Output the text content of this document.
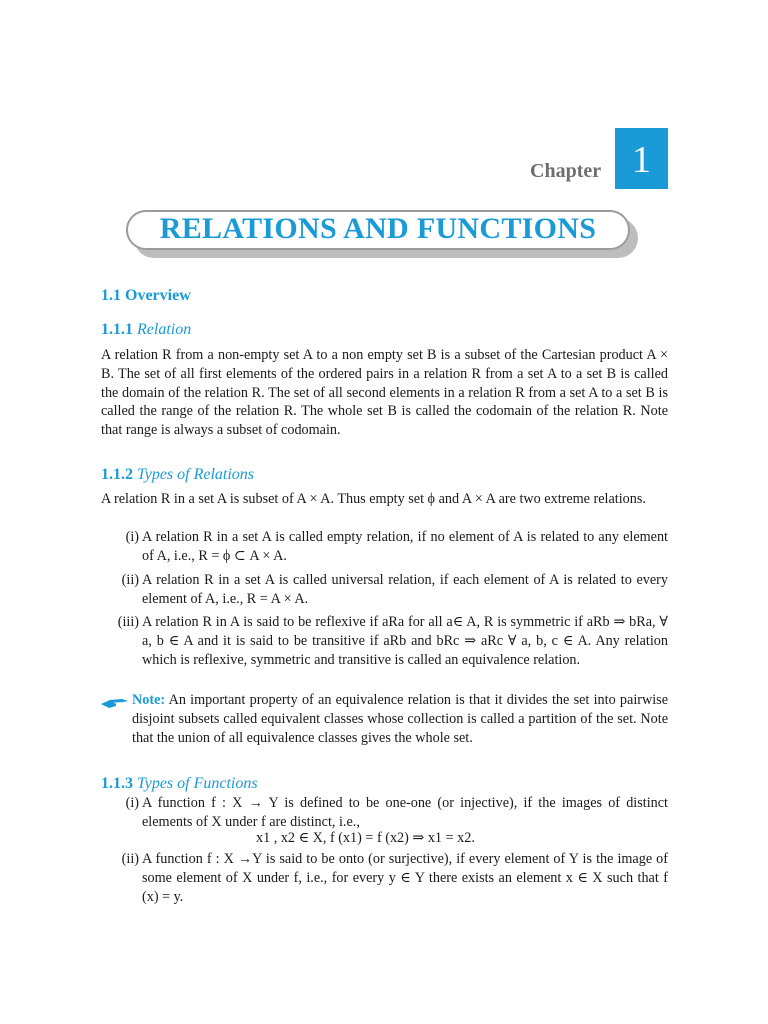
Chapter 1
RELATIONS AND FUNCTIONS
1.1 Overview
1.1.1 Relation
A relation R from a non-empty set A to a non empty set B is a subset of the Cartesian product A × B. The set of all first elements of the ordered pairs in a relation R from a set A to a set B is called the domain of the relation R. The set of all second elements in a relation R from a set A to a set B is called the range of the relation R. The whole set B is called the codomain of the relation R. Note that range is always a subset of codomain.
1.1.2 Types of Relations
A relation R in a set A is subset of A × A. Thus empty set ϕ and A × A are two extreme relations.
(i) A relation R in a set A is called empty relation, if no element of A is related to any element of A, i.e., R = ϕ ⊂ A × A.
(ii) A relation R in a set A is called universal relation, if each element of A is related to every element of A, i.e., R = A × A.
(iii) A relation R in A is said to be reflexive if aRa for all a∈ A, R is symmetric if aRb ⇒ bRa, ∀ a, b ∈ A and it is said to be transitive if aRb and bRc ⇒ aRc ∀ a, b, c ∈ A. Any relation which is reflexive, symmetric and transitive is called an equivalence relation.
Note: An important property of an equivalence relation is that it divides the set into pairwise disjoint subsets called equivalent classes whose collection is called a partition of the set. Note that the union of all equivalence classes gives the whole set.
1.1.3 Types of Functions
(i) A function f : X → Y is defined to be one-one (or injective), if the images of distinct elements of X under f are distinct, i.e.,
x1 , x2 ∈ X, f (x1) = f (x2) ⇒ x1 = x2.
(ii) A function f : X →Y is said to be onto (or surjective), if every element of Y is the image of some element of X under f, i.e., for every y ∈ Y there exists an element x ∈ X such that f (x) = y.
